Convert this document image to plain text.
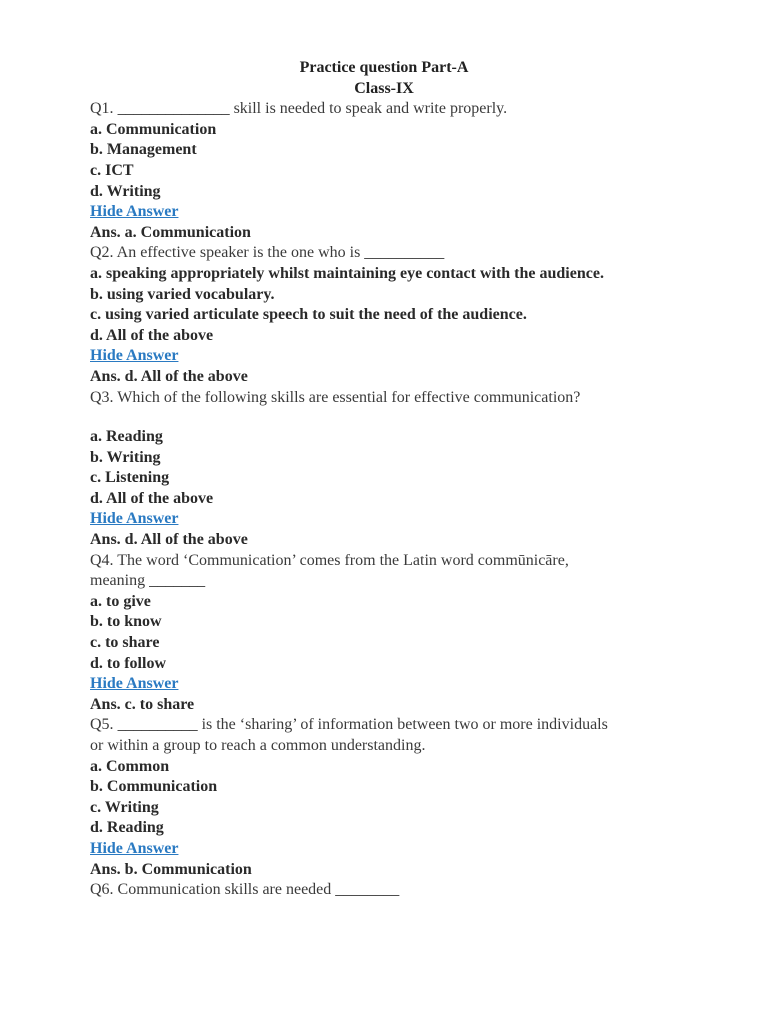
Practice question Part-A
Class-IX
Q1. ______________ skill is needed to speak and write properly.
a. Communication
b. Management
c. ICT
d. Writing
Hide Answer
Ans. a. Communication
Q2. An effective speaker is the one who is __________
a. speaking appropriately whilst maintaining eye contact with the audience.
b. using varied vocabulary.
c. using varied articulate speech to suit the need of the audience.
d. All of the above
Hide Answer
Ans. d. All of the above
Q3. Which of the following skills are essential for effective communication?
a. Reading
b. Writing
c. Listening
d. All of the above
Hide Answer
Ans. d. All of the above
Q4. The word ‘Communication’ comes from the Latin word commūnicāre,
meaning _______
a. to give
b. to know
c. to share
d. to follow
Hide Answer
Ans. c. to share
Q5. __________ is the ‘sharing’ of information between two or more individuals
or within a group to reach a common understanding.
a. Common
b. Communication
c. Writing
d. Reading
Hide Answer
Ans. b. Communication
Q6. Communication skills are needed ________
